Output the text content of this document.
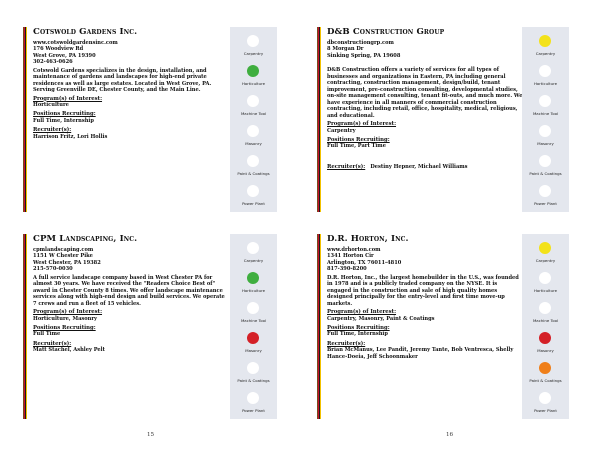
Cotswold Gardens Inc.
www.cotswoldgardensinc.com
176 Woodview Rd
West Grove, PA 19390
302-463-0626
Cotswold Gardens specializes in the design, installation, and maintenance of gardens and landscapes for high-end private residences as well as large estates. Located in West Grove, PA. Serving Greenville DE, Chester County, and the Main Line.
Program(s) of Interest:
Horticulture
Positions Recruiting:
Full Time, Internship
Recruiter(s):
Harrison Fritz, Lori Hollis
Carpentry
Horticulture
Machine Tool
Masonry
Paint & Coatings
Power Plant
D&B Construction Group
dbconstructiongrp.com
8 Morgan Dr
Sinking Spring, PA 19608
D&B Construction offers a variety of services for all types of businesses and organizations in Eastern, PA including general contracting, construction management, design/build, tenant improvement, pre-construction consulting, developmental studies, on-site management consulting, tenant fit-outs, and much more. We have experience in all manners of commercial construction contracting, including retail, office, hospitality, medical, religious, and educational.
Program(s) of Interest:
Carpentry
Positions Recruiting:
Full Time, Part Time
Recruiter(s): Destiny Hepner, Michael Williams
Carpentry
Horticulture
Machine Tool
Masonry
Paint & Coatings
Power Plant
CPM Landscaping, Inc.
cpmlandscaping.com
1151 W Chester Pike
West Chester, PA 19382
215-570-0030
A full service landscape company based in West Chester PA for almost 30 years. We have received the "Readers Choice Best of" award in Chester County 8 times. We offer landscape maintenance services along with high-end design and build services. We operate 7 crews and run a fleet of 15 vehicles.
Program(s) of Interest:
Horticulture, Masonry
Positions Recruiting:
Full Time
Recruiter(s):
Matt Stachel, Ashley Pelt
Carpentry
Horticulture
Machine Tool
Masonry
Paint & Coatings
Power Plant
D.R. Horton, Inc.
www.drhorton.com
1341 Horton Cir
Arlington, TX 76011-4810
817-390-8200
D.R. Horton, Inc., the largest homebuilder in the U.S., was founded in 1978 and is a publicly traded company on the NYSE. It is engaged in the construction and sale of high quality homes designed principally for the entry-level and first time move-up markets.
Program(s) of Interest:
Carpentry, Masonry, Paint & Coatings
Positions Recruiting:
Full Time, Internship
Recruiter(s):
Brian McManus, Lee Pandit, Jeremy Tante, Bob Ventresca, Shelly Hance-Doeia, Jeff Schoonmaker
Carpentry
Horticulture
Machine Tool
Masonry
Paint & Coatings
Power Plant
15	16
